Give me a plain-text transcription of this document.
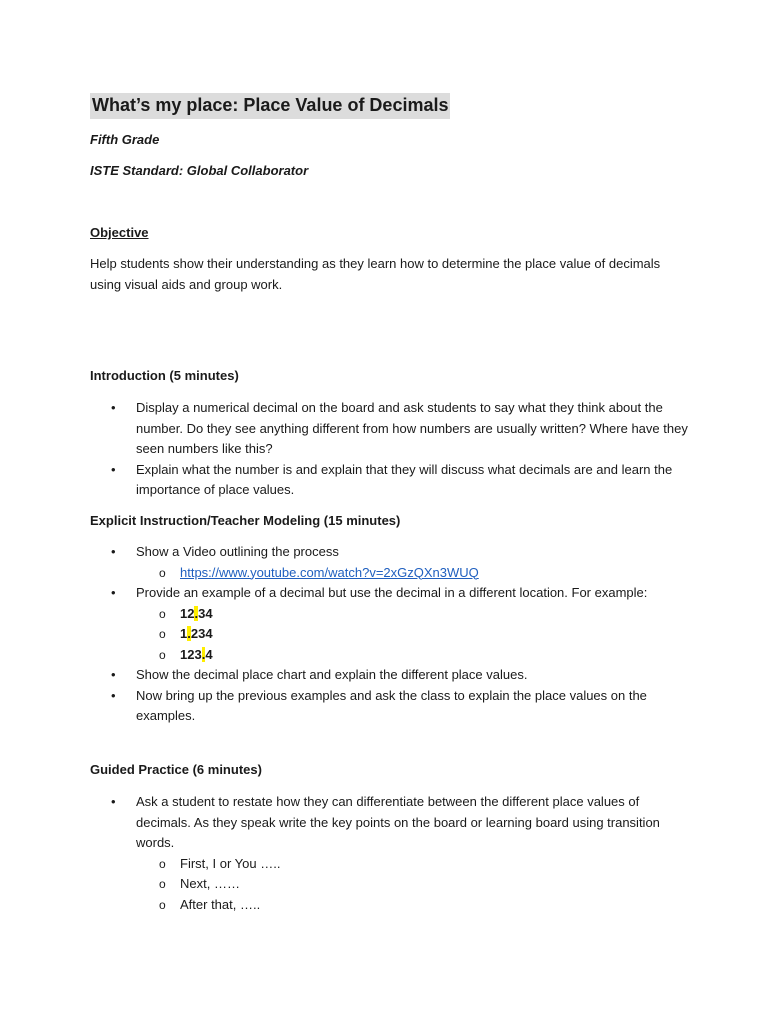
What’s my place: Place Value of Decimals
Fifth Grade
ISTE Standard: Global Collaborator
Objective
Help students show their understanding as they learn how to determine the place value of decimals using visual aids and group work.
Introduction (5 minutes)
• Display a numerical decimal on the board and ask students to say what they think about the number. Do they see anything different from how numbers are usually written? Where have they seen numbers like this?
• Explain what the number is and explain that they will discuss what decimals are and learn the importance of place values.
Explicit Instruction/Teacher Modeling (15 minutes)
• Show a Video outlining the process
o https://www.youtube.com/watch?v=2xGzQXn3WUQ
• Provide an example of a decimal but use the decimal in a different location. For example:
o 12.34
o 1.234
o 123.4
• Show the decimal place chart and explain the different place values.
• Now bring up the previous examples and ask the class to explain the place values on the examples.
Guided Practice (6 minutes)
• Ask a student to restate how they can differentiate between the different place values of decimals. As they speak write the key points on the board or learning board using transition words.
o First, I or You …..
o Next, ……
o After that, …..
